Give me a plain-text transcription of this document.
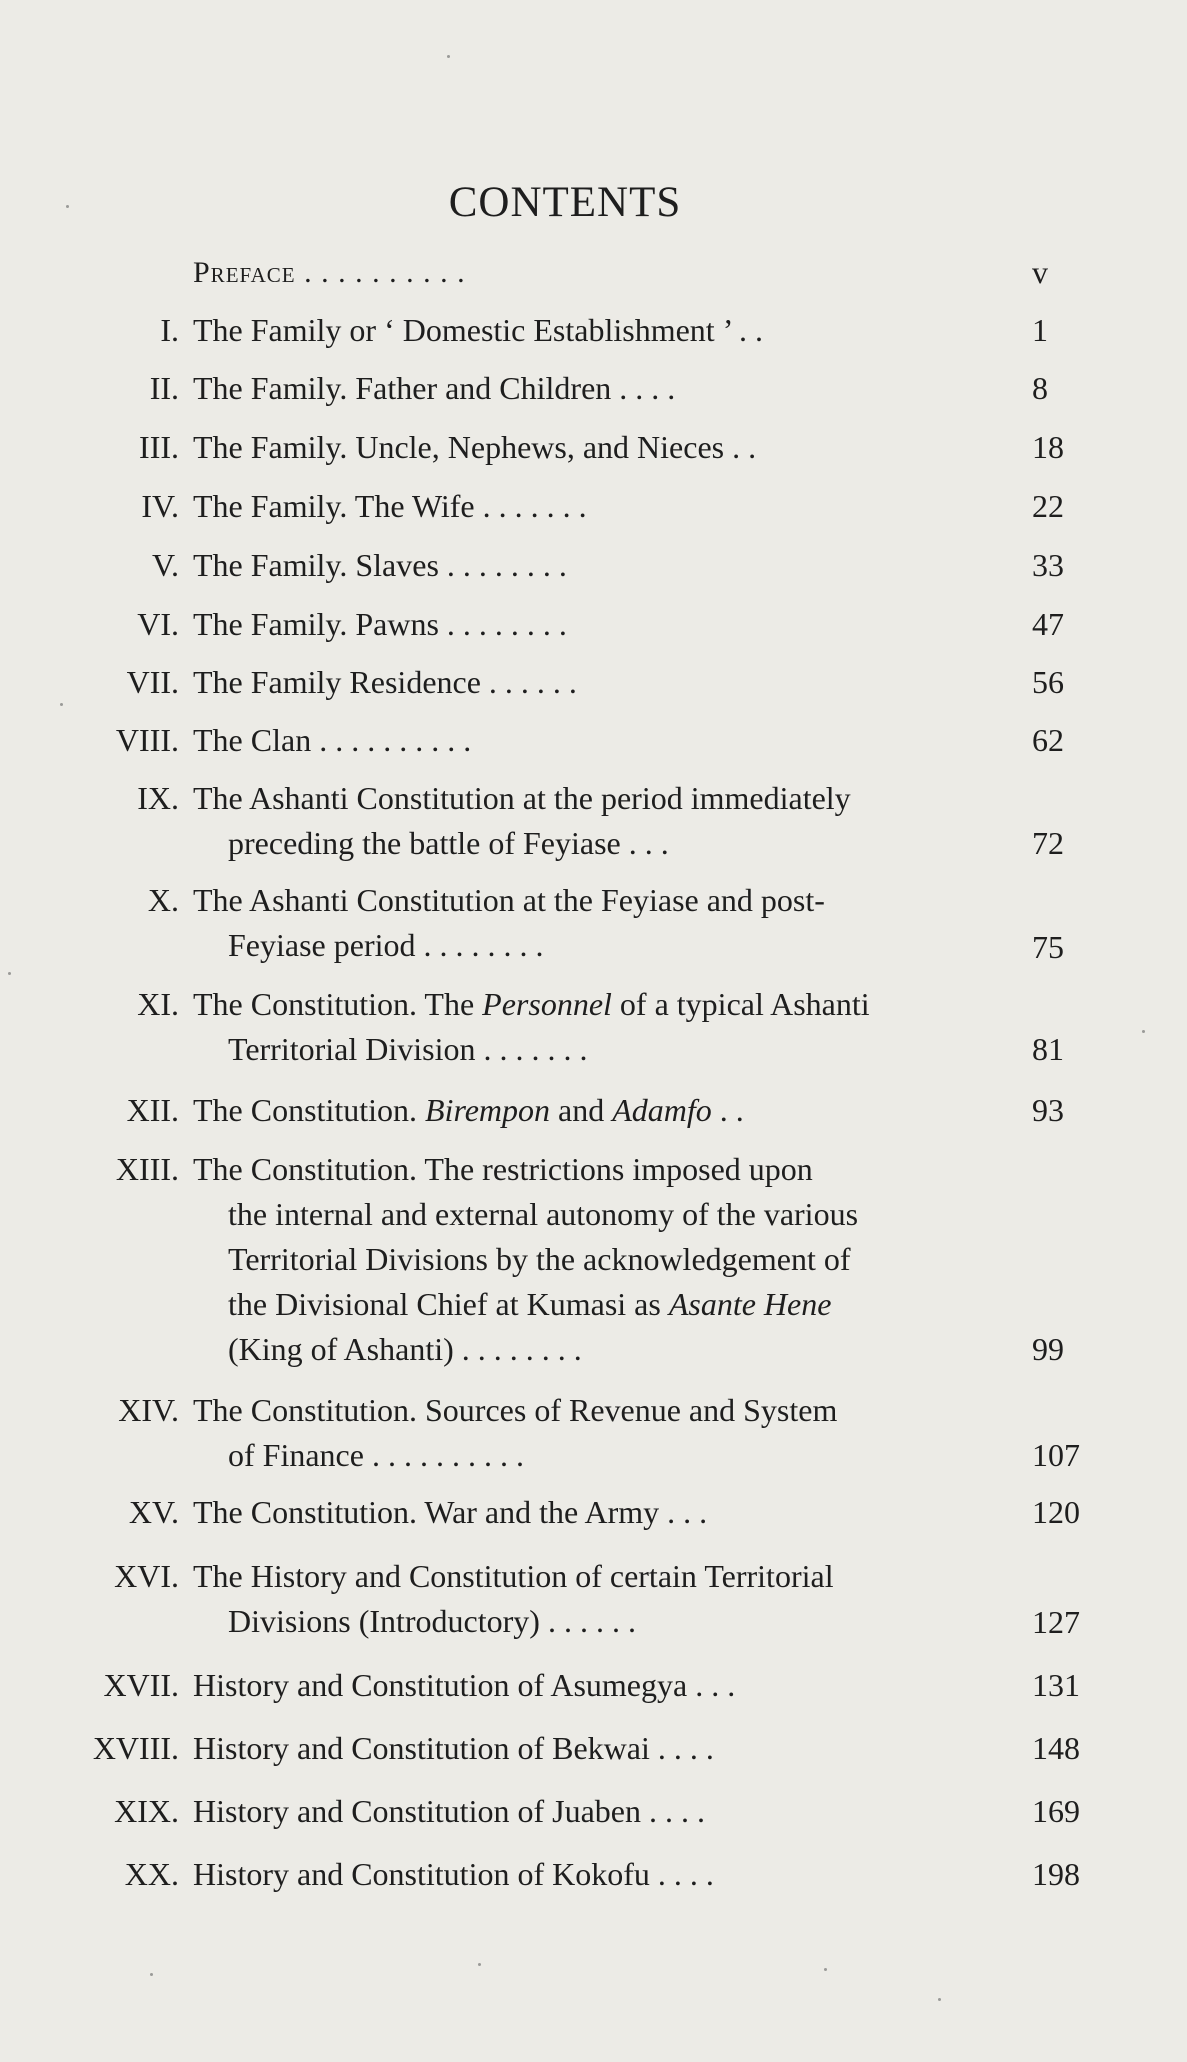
CONTENTS
Preface . . . . . . . . . .	v
I. The Family or ‘ Domestic Establishment ’ . .	1
II. The Family. Father and Children . . . .	8
III. The Family. Uncle, Nephews, and Nieces . .	18
IV. The Family. The Wife . . . . . . .	22
V. The Family. Slaves . . . . . . . .	33
VI. The Family. Pawns . . . . . . . .	47
VII. The Family Residence . . . . . .	56
VIII. The Clan . . . . . . . . . .	62
IX. The Ashanti Constitution at the period immediately
preceding the battle of Feyiase . . .	72
X. The Ashanti Constitution at the Feyiase and post-
Feyiase period . . . . . . . .	75
XI. The Constitution. The Personnel of a typical Ashanti
Territorial Division . . . . . . .	81
XII. The Constitution. Birempon and Adamfo . .	93
XIII. The Constitution. The restrictions imposed upon
the internal and external autonomy of the various
Territorial Divisions by the acknowledgement of
the Divisional Chief at Kumasi as Asante Hene
(King of Ashanti) . . . . . . . .	99
XIV. The Constitution. Sources of Revenue and System
of Finance . . . . . . . . . .	107
XV. The Constitution. War and the Army . . .	120
XVI. The History and Constitution of certain Territorial
Divisions (Introductory) . . . . . .	127
XVII. History and Constitution of Asumegya . . .	131
XVIII. History and Constitution of Bekwai . . . .	148
XIX. History and Constitution of Juaben . . . .	169
XX. History and Constitution of Kokofu . . . .	198
